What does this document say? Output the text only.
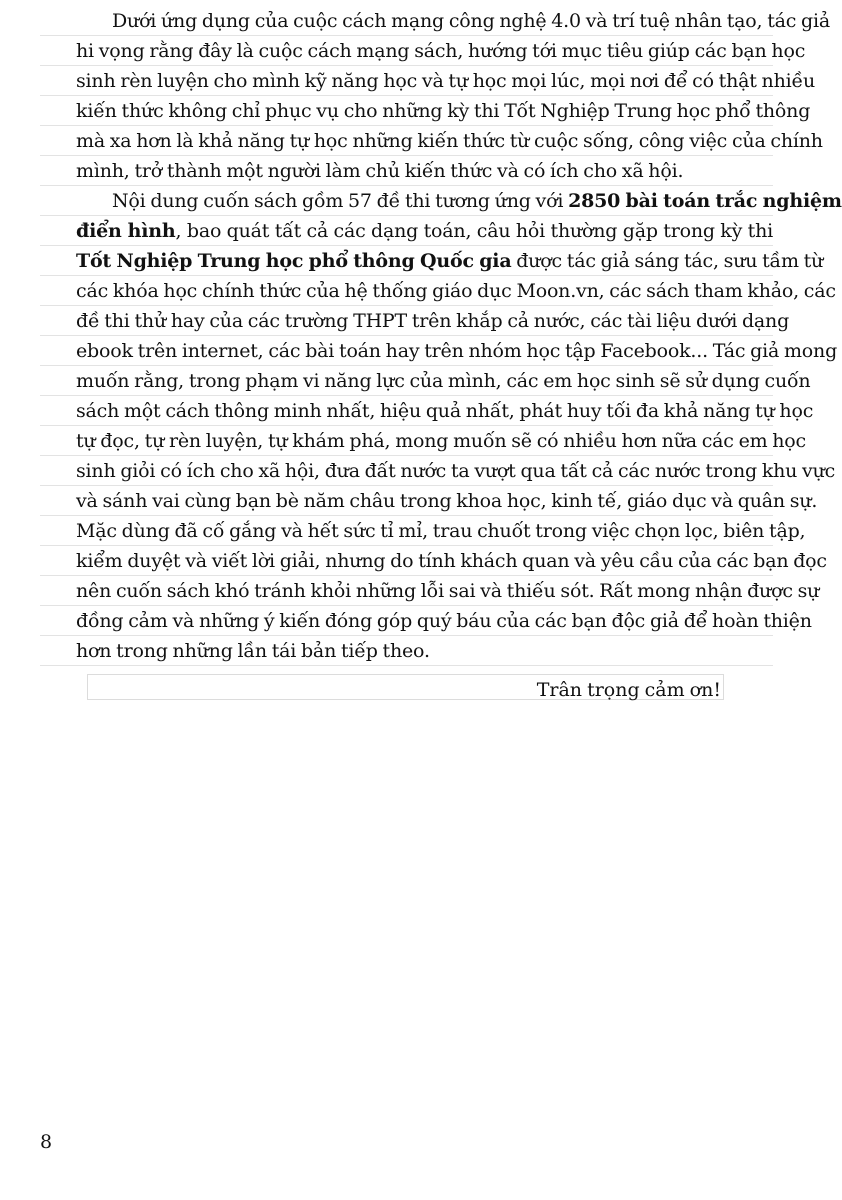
Dưới ứng dụng của cuộc cách mạng công nghệ 4.0 và trí tuệ nhân tạo, tác giả
hi vọng rằng đây là cuộc cách mạng sách, hướng tới mục tiêu giúp các bạn học
sinh rèn luyện cho mình kỹ năng học và tự học mọi lúc, mọi nơi để có thật nhiều
kiến thức không chỉ phục vụ cho những kỳ thi Tốt Nghiệp Trung học phổ thông
mà xa hơn là khả năng tự học những kiến thức từ cuộc sống, công việc của chính
mình, trở thành một người làm chủ kiến thức và có ích cho xã hội.
Nội dung cuốn sách gồm 57 đề thi tương ứng với 2850 bài toán trắc nghiệm
điển hình, bao quát tất cả các dạng toán, câu hỏi thường gặp trong kỳ thi
Tốt Nghiệp Trung học phổ thông Quốc gia được tác giả sáng tác, sưu tầm từ
các khóa học chính thức của hệ thống giáo dục Moon.vn, các sách tham khảo, các
đề thi thử hay của các trường THPT trên khắp cả nước, các tài liệu dưới dạng
ebook trên internet, các bài toán hay trên nhóm học tập Facebook... Tác giả mong
muốn rằng, trong phạm vi năng lực của mình, các em học sinh sẽ sử dụng cuốn
sách một cách thông minh nhất, hiệu quả nhất, phát huy tối đa khả năng tự học
tự đọc, tự rèn luyện, tự khám phá, mong muốn sẽ có nhiều hơn nữa các em học
sinh giỏi có ích cho xã hội, đưa đất nước ta vượt qua tất cả các nước trong khu vực
và sánh vai cùng bạn bè năm châu trong khoa học, kinh tế, giáo dục và quân sự.
Mặc dùng đã cố gắng và hết sức tỉ mỉ, trau chuốt trong việc chọn lọc, biên tập,
kiểm duyệt và viết lời giải, nhưng do tính khách quan và yêu cầu của các bạn đọc
nên cuốn sách khó tránh khỏi những lỗi sai và thiếu sót. Rất mong nhận được sự
đồng cảm và những ý kiến đóng góp quý báu của các bạn độc giả để hoàn thiện
hơn trong những lần tái bản tiếp theo.
Trân trọng cảm ơn!
8
